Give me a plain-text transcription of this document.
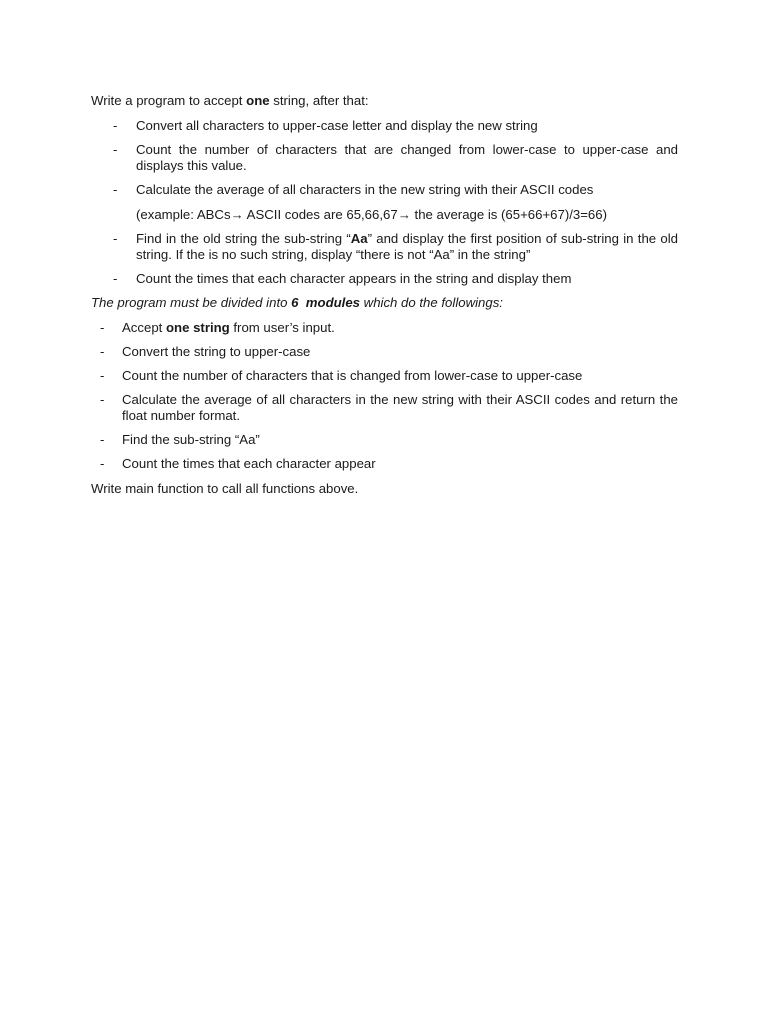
Write a program to accept one string, after that:

-	Convert all characters to upper-case letter and display the new string
-	Count the number of characters that are changed from lower-case to upper-case and displays this value.
-	Calculate the average of all characters in the new string with their ASCII codes
(example: ABCs→ ASCII codes are 65,66,67→ the average is (65+66+67)/3=66)
-	Find in the old string the sub-string “Aa” and display the first position of sub-string in the old string. If the is no such string, display “there is not “Aa” in the string”
-	Count the times that each character appears in the string and display them

The program must be divided into 6  modules which do the followings:

-	Accept one string from user’s input.
-	Convert the string to upper-case
-	Count the number of characters that is changed from lower-case to upper-case
-	Calculate the average of all characters in the new string with their ASCII codes and return the float number format.
-	Find the sub-string “Aa”
-	Count the times that each character appear

Write main function to call all functions above.
